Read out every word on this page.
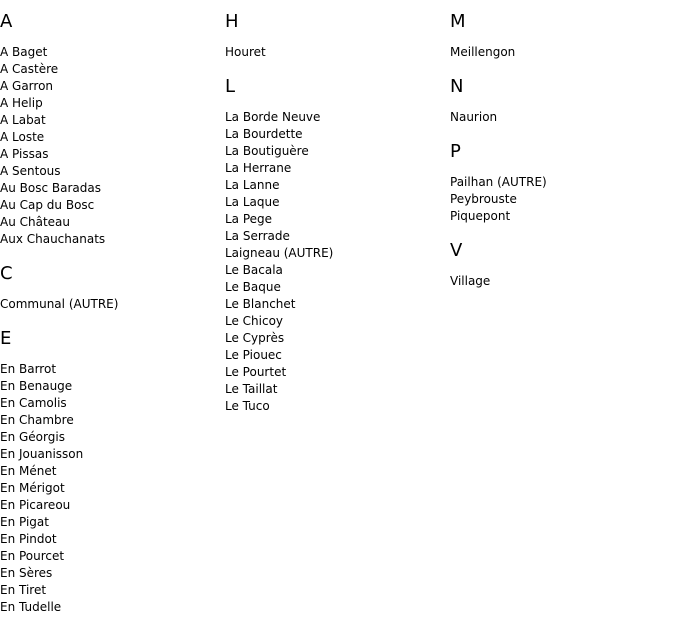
A
A Baget
A Castère
A Garron
A Helip
A Labat
A Loste
A Pissas
A Sentous
Au Bosc Baradas
Au Cap du Bosc
Au Château
Aux Chauchanats
C
Communal (AUTRE)
E
En Barrot
En Benauge
En Camolis
En Chambre
En Géorgis
En Jouanisson
En Ménet
En Mérigot
En Picareou
En Pigat
En Pindot
En Pourcet
En Sères
En Tiret
En Tudelle
H
Houret
L
La Borde Neuve
La Bourdette
La Boutiguère
La Herrane
La Lanne
La Laque
La Pege
La Serrade
Laigneau (AUTRE)
Le Bacala
Le Baque
Le Blanchet
Le Chicoy
Le Cyprès
Le Piouec
Le Pourtet
Le Taillat
Le Tuco
M
Meillengon
N
Naurion
P
Pailhan (AUTRE)
Peybrouste
Piquepont
V
Village
